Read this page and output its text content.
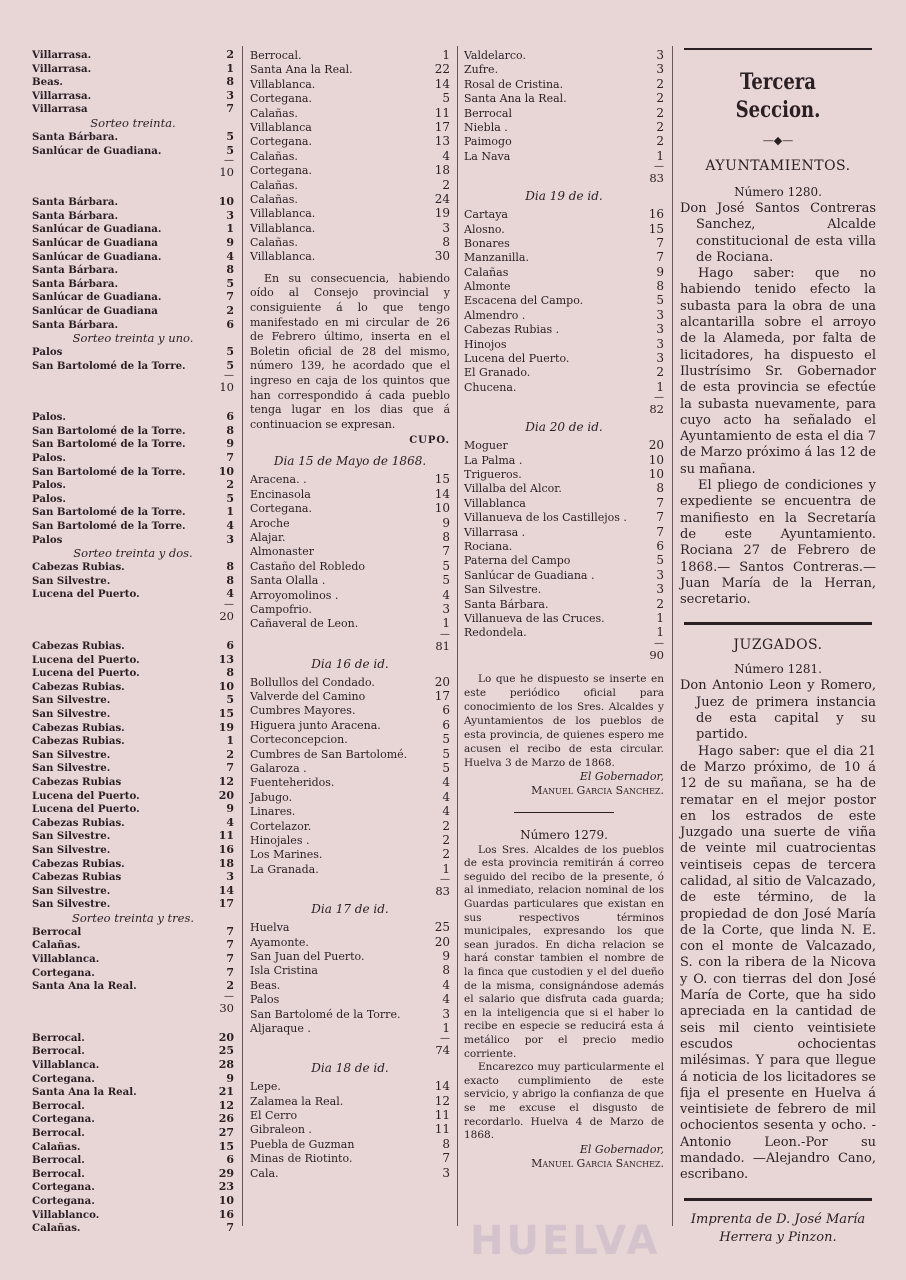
Villarrasa.	2
Villarrasa.	1
Beas.	8
Villarrasa.	3
Villarrasa	7
Sorteo treinta.
Santa Bárbara.	5
Sanlúcar de Guadiana.	5
—
10
Santa Bárbara.	10
Santa Bárbara.	3
Sanlúcar de Guadiana.	1
Sanlúcar de Guadiana	9
Sanlúcar de Guadiana.	4
Santa Bárbara.	8
Santa Bárbara.	5
Sanlúcar de Guadiana.	7
Sanlúcar de Guadiana	2
Santa Bárbara.	6
Sorteo treinta y uno.
Palos	5
San Bartolomé de la Torre.	5
—
10
Palos.	6
San Bartolomé de la Torre.	8
San Bartolomé de la Torre.	9
Palos.	7
San Bartolomé de la Torre.	10
Palos.	2
Palos.	5
San Bartolomé de la Torre.	1
San Bartolomé de la Torre.	4
Palos	3
Sorteo treinta y dos.
Cabezas Rubias.	8
San Silvestre.	8
Lucena del Puerto.	4
—
20
Cabezas Rubias.	6
Lucena del Puerto.	13
Lucena del Puerto.	8
Cabezas Rubias.	10
San Silvestre.	5
San Silvestre.	15
Cabezas Rubias.	19
Cabezas Rubias.	1
San Silvestre.	2
San Silvestre.	7
Cabezas Rubias	12
Lucena del Puerto.	20
Lucena del Puerto.	9
Cabezas Rubias.	4
San Silvestre.	11
San Silvestre.	16
Cabezas Rubias.	18
Cabezas Rubias	3
San Silvestre.	14
San Silvestre.	17
Sorteo treinta y tres.
Berrocal	7
Calañas.	7
Villablanca.	7
Cortegana.	7
Santa Ana la Real.	2
—
30
Berrocal.	20
Berrocal.	25
Villablanca.	28
Cortegana.	9
Santa Ana la Real.	21
Berrocal.	12
Cortegana.	26
Berrocal.	27
Calañas.	15
Berrocal.	6
Berrocal.	29
Cortegana.	23
Cortegana.	10
Villablanco.	16
Calañas.	7
Berrocal.	1
Santa Ana la Real.	22
Villablanca.	14
Cortegana.	5
Calañas.	11
Villablanca	17
Cortegana.	13
Calañas.	4
Cortegana.	18
Calañas.	2
Calañas.	24
Villablanca.	19
Villablanca.	3
Calañas.	8
Villablanca.	30
En su consecuencia, habiendo oído al Consejo provincial y consiguiente á lo que tengo manifestado en mi circular de 26 de Febrero último, inserta en el Boletin oficial de 28 del mismo, número 139, he acordado que el ingreso en caja de los quintos que han correspondido á cada pueblo tenga lugar en los dias que á continuacion se expresan.
CUPO.
Dia 15 de Mayo de 1868.
Aracena. .	15
Encinasola	14
Cortegana.	10
Aroche	9
Alajar.	8
Almonaster	7
Castaño del Robledo	5
Santa Olalla .	5
Arroyomolinos .	4
Campofrio.	3
Cañaveral de Leon.	1
—
81
Dia 16 de id.
Bollullos del Condado.	20
Valverde del Camino	17
Cumbres Mayores.	6
Higuera junto Aracena.	6
Corteconcepcion.	5
Cumbres de San Bartolomé.	5
Galaroza .	5
Fuenteheridos.	4
Jabugo.	4
Linares.	4
Cortelazor.	2
Hinojales .	2
Los Marines.	2
La Granada.	1
—
83
Dia 17 de id.
Huelva	25
Ayamonte.	20
San Juan del Puerto.	9
Isla Cristina	8
Beas.	4
Palos	4
San Bartolomé de la Torre.	3
Aljaraque .	1
—
74
Dia 18 de id.
Lepe.	14
Zalamea la Real.	12
El Cerro	11
Gibraleon .	11
Puebla de Guzman	8
Minas de Riotinto.	7
Cala.	3
Valdelarco.	3
Zufre.	3
Rosal de Cristina.	2
Santa Ana la Real.	2
Berrocal	2
Niebla .	2
Paimogo	2
La Nava	1
—
83
Dia 19 de id.
Cartaya	16
Alosno.	15
Bonares	7
Manzanilla.	7
Calañas	9
Almonte	8
Escacena del Campo.	5
Almendro .	3
Cabezas Rubias .	3
Hinojos	3
Lucena del Puerto.	3
El Granado.	2
Chucena.	1
—
82
Dia 20 de id.
Moguer	20
La Palma .	10
Trigueros.	10
Villalba del Alcor.	8
Villablanca	7
Villanueva de los Castillejos .	7
Villarrasa .	7
Rociana.	6
Paterna del Campo	5
Sanlúcar de Guadiana .	3
San Silvestre.	3
Santa Bárbara.	2
Villanueva de las Cruces.	1
Redondela.	1
—
90
Lo que he dispuesto se inserte en este periódico oficial para conocimiento de los Sres. Alcaldes y Ayuntamientos de los pueblos de esta provincia, de quienes espero me acusen el recibo de esta circular. Huelva 3 de Marzo de 1868.
El Gobernador,
Manuel Garcia Sanchez.
Número 1279.
Los Sres. Alcaldes de los pueblos de esta provincia remitirán á correo seguido del recibo de la presente, ó al inmediato, relacion nominal de los Guardas particulares que existan en sus respectivos términos municipales, expresando los que sean jurados. En dicha relacion se hará constar tambien el nombre de la finca que custodien y el del dueño de la misma, consignándose además el salario que disfruta cada guarda; en la inteligencia que si el haber lo recibe en especie se reducirá esta á metálico por el precio medio corriente.
Encarezco muy particularmente el exacto cumplimiento de este servicio, y abrigo la confianza de que se me excuse el disgusto de recordarlo. Huelva 4 de Marzo de 1868.
El Gobernador,
Manuel Garcia Sanchez.
Tercera Seccion.
—◆—
AYUNTAMIENTOS.
Número 1280.
Don José Santos Contreras Sanchez, Alcalde constitucional de esta villa de Rociana.
Hago saber: que no habiendo tenido efecto la subasta para la obra de una alcantarilla sobre el arroyo de la Alameda, por falta de licitadores, ha dispuesto el Ilustrísimo Sr. Gobernador de esta provincia se efectúe la subasta nuevamente, para cuyo acto ha señalado el Ayuntamiento de esta el dia 7 de Marzo próximo á las 12 de su mañana.
El pliego de condiciones y expediente se encuentra de manifiesto en la Secretaría de este Ayuntamiento. Rociana 27 de Febrero de 1868.— Santos Contreras.—Juan María de la Herran, secretario.
JUZGADOS.
Número 1281.
Don Antonio Leon y Romero, Juez de primera instancia de esta capital y su partido.
Hago saber: que el dia 21 de Marzo próximo, de 10 á 12 de su mañana, se ha de rematar en el mejor postor en los estrados de este Juzgado una suerte de viña de veinte mil cuatrocientas veintiseis cepas de tercera calidad, al sitio de Valcazado, de este término, de la propiedad de don José María de la Corte, que linda N. E. con el monte de Valcazado, S. con la ribera de la Nicova y O. con tierras del don José María de Corte, que ha sido apreciada en la cantidad de seis mil ciento veintisiete escudos ochocientas milésimas. Y para que llegue á noticia de los licitadores se fija el presente en Huelva á veintisiete de febrero de mil ochocientos sesenta y ocho. -Antonio Leon.-Por su mandado. —Alejandro Cano, escribano.
Imprenta de D. José María Herrera y Pinzon.
HUELVA
